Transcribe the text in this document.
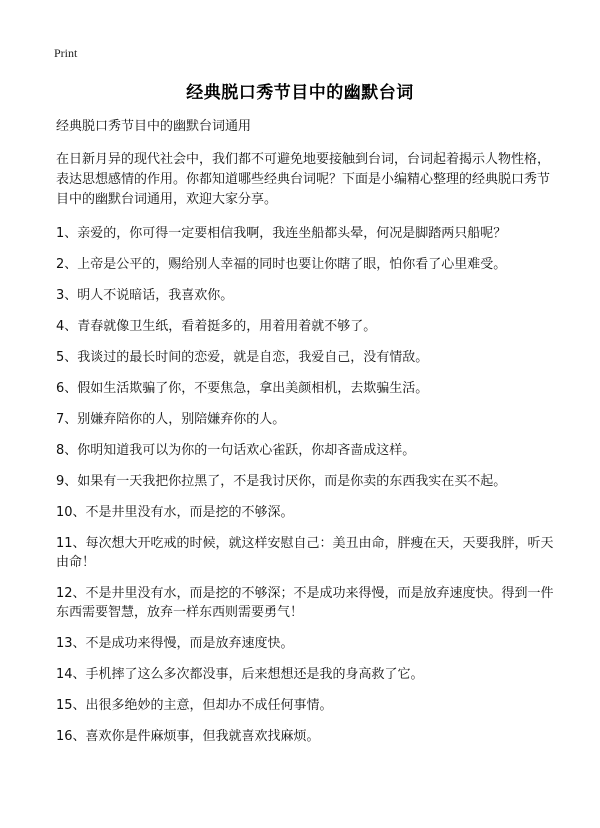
Print
经典脱口秀节目中的幽默台词

经典脱口秀节目中的幽默台词通用

在日新月异的现代社会中，我们都不可避免地要接触到台词，台词起着揭示人物性格，表达思想感情的作用。你都知道哪些经典台词呢？下面是小编精心整理的经典脱口秀节目中的幽默台词通用，欢迎大家分享。

1、亲爱的，你可得一定要相信我啊，我连坐船都头晕，何况是脚踏两只船呢？
2、上帝是公平的，赐给别人幸福的同时也要让你瞎了眼，怕你看了心里难受。
3、明人不说暗话，我喜欢你。
4、青春就像卫生纸，看着挺多的，用着用着就不够了。
5、我谈过的最长时间的恋爱，就是自恋，我爱自己，没有情敌。
6、假如生活欺骗了你，不要焦急，拿出美颜相机，去欺骗生活。
7、别嫌弃陪你的人，别陪嫌弃你的人。
8、你明知道我可以为你的一句话欢心雀跃，你却吝啬成这样。
9、如果有一天我把你拉黑了，不是我讨厌你，而是你卖的东西我实在买不起。
10、不是井里没有水，而是挖的不够深。
11、每次想大开吃戒的时候，就这样安慰自己：美丑由命，胖瘦在天，天要我胖，听天由命！
12、不是井里没有水，而是挖的不够深；不是成功来得慢，而是放弃速度快。得到一件东西需要智慧，放弃一样东西则需要勇气！
13、不是成功来得慢，而是放弃速度快。
14、手机摔了这么多次都没事，后来想想还是我的身高救了它。
15、出很多绝妙的主意，但却办不成任何事情。
16、喜欢你是件麻烦事，但我就喜欢找麻烦。
